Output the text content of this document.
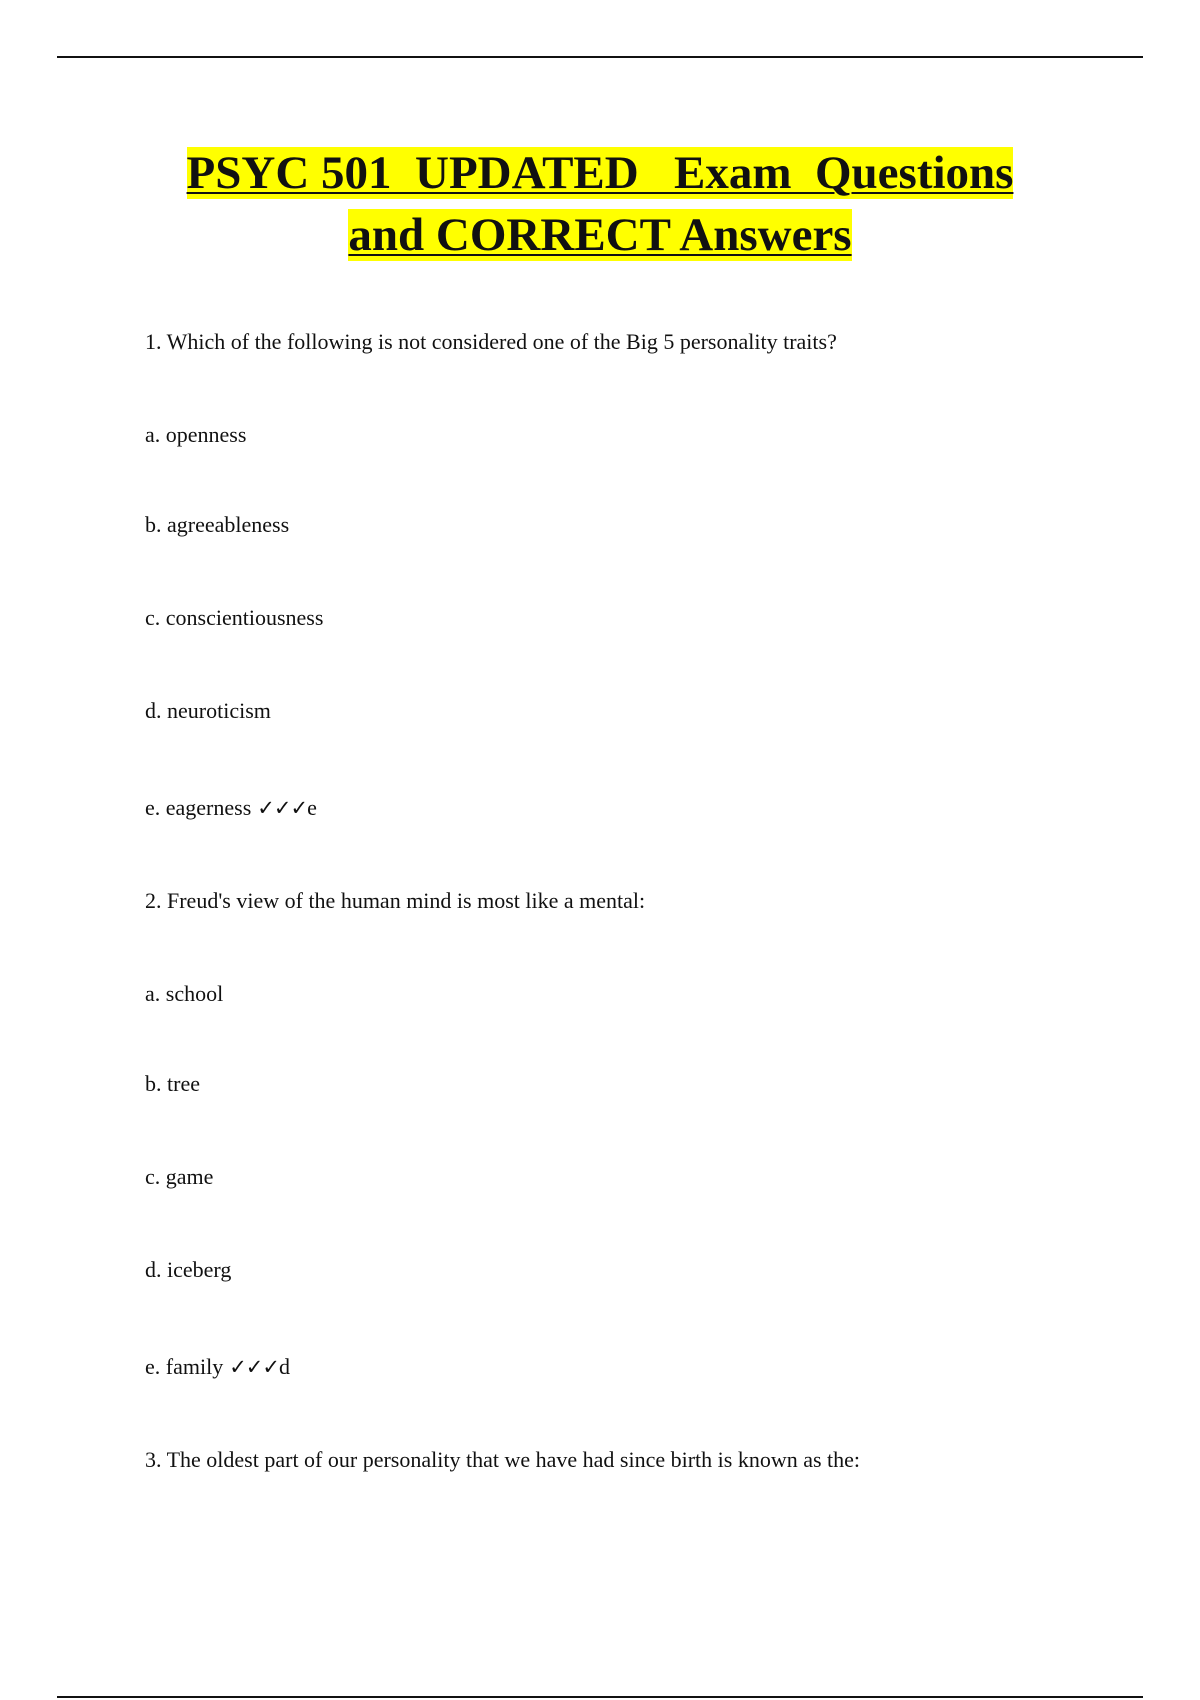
PSYC 501  UPDATED   Exam  Questions
and CORRECT Answers
1. Which of the following is not considered one of the Big 5 personality traits?
a. openness
b. agreeableness
c. conscientiousness
d. neuroticism
e. eagerness ✓✓✓e
2. Freud's view of the human mind is most like a mental:
a. school
b. tree
c. game
d. iceberg
e. family ✓✓✓d
3. The oldest part of our personality that we have had since birth is known as the:
